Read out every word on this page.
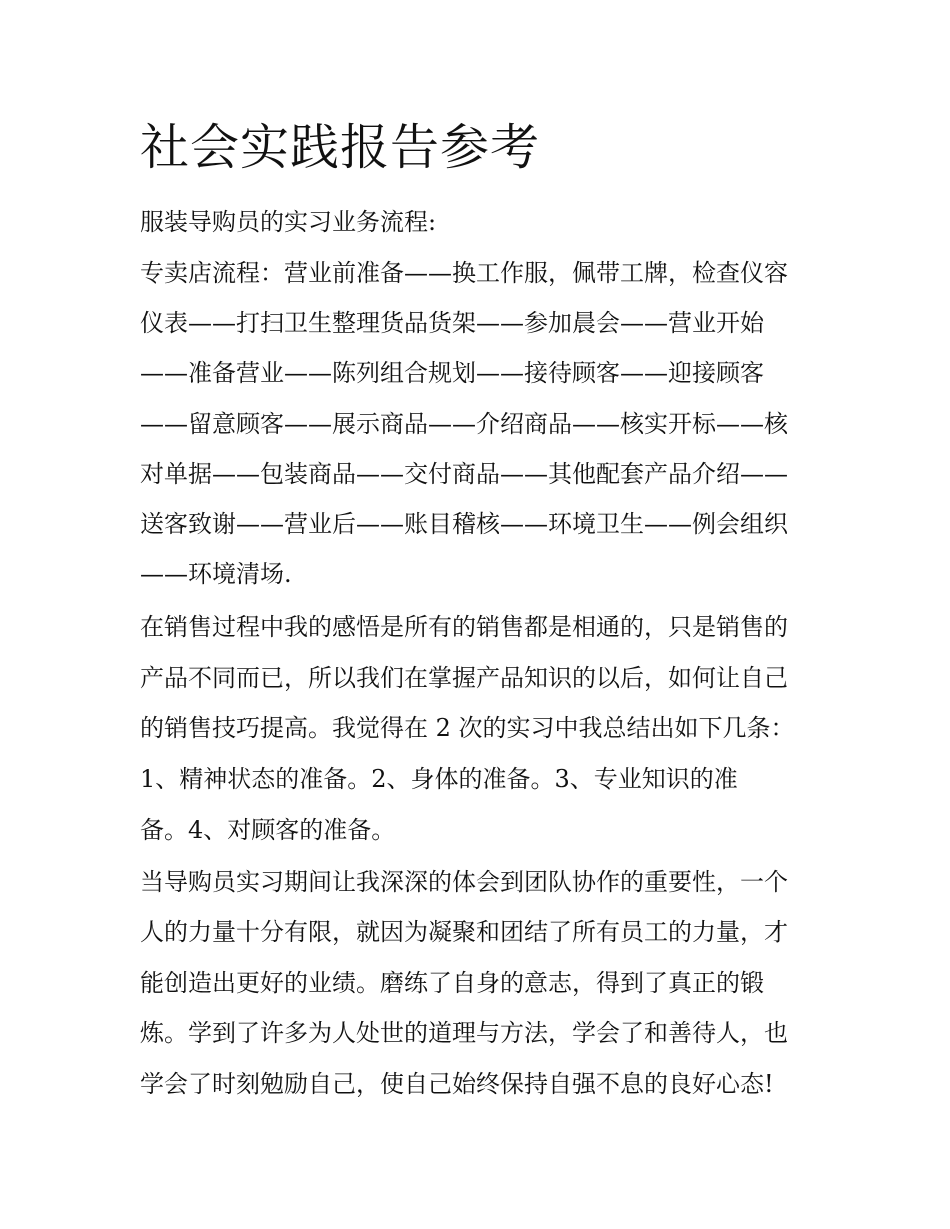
社会实践报告参考

服装导购员的实习业务流程:

专卖店流程：营业前准备——换工作服，佩带工牌，检查仪容

仪表——打扫卫生整理货品货架——参加晨会——营业开始

——准备营业——陈列组合规划——接待顾客——迎接顾客

——留意顾客——展示商品——介绍商品——核实开标——核

对单据——包装商品——交付商品——其他配套产品介绍——

送客致谢——营业后——账目稽核——环境卫生——例会组织

——环境清场.

在销售过程中我的感悟是所有的销售都是相通的，只是销售的

产品不同而已，所以我们在掌握产品知识的以后，如何让自己

的销售技巧提高。我觉得在 2 次的实习中我总结出如下几条：

1、精神状态的准备。2、身体的准备。3、专业知识的准

备。4、对顾客的准备。

当导购员实习期间让我深深的体会到团队协作的重要性，一个

人的力量十分有限，就因为凝聚和团结了所有员工的力量，才

能创造出更好的业绩。磨练了自身的意志，得到了真正的锻

炼。学到了许多为人处世的道理与方法，学会了和善待人，也

学会了时刻勉励自己，使自己始终保持自强不息的良好心态!
